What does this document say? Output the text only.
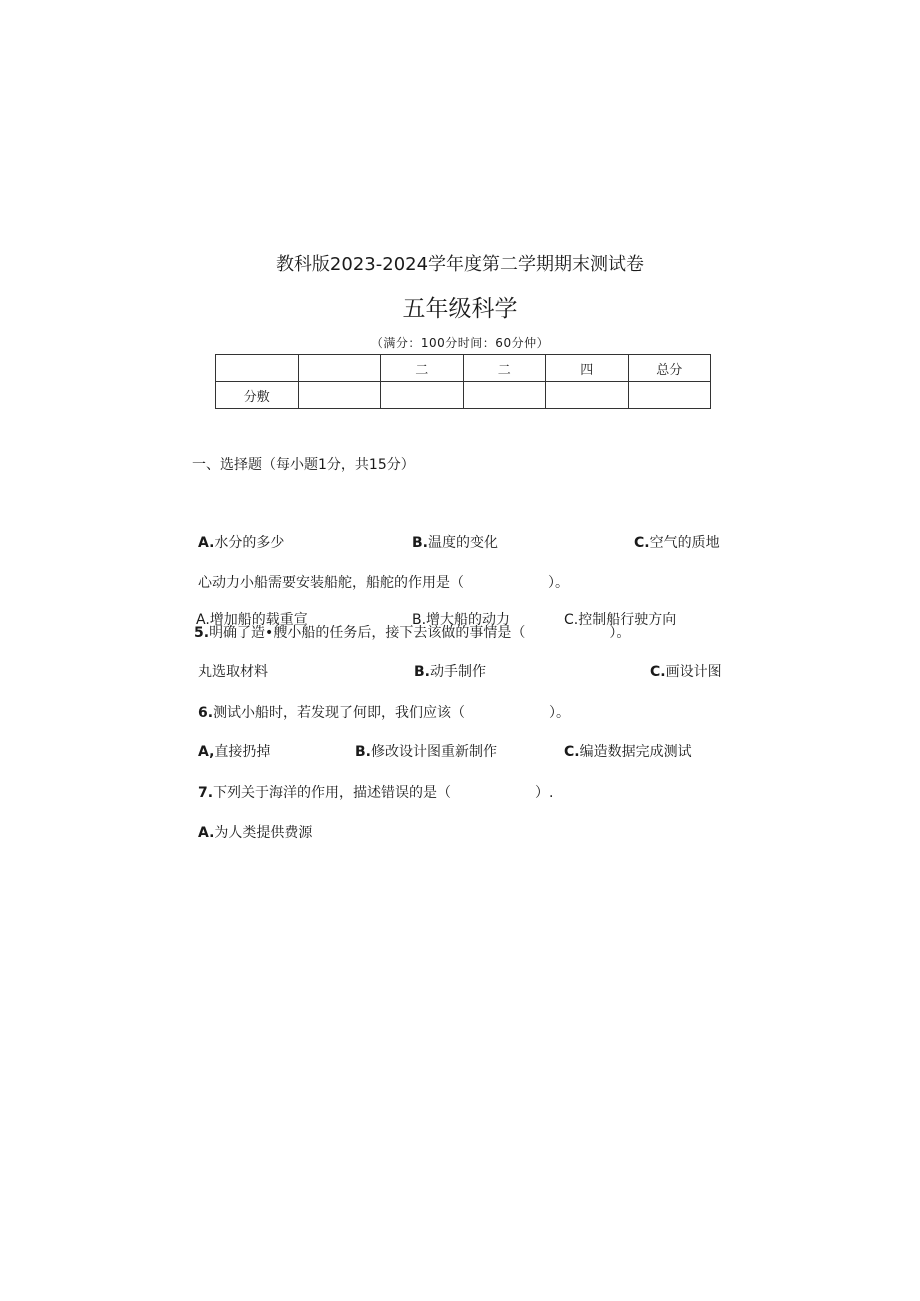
教科版2023-2024学年度第二学期期末测试卷
五年级科学
（满分：100分时间：60分仲）
		二	二	四	总分
分敷					
一、选择题（每小题1分，共15分）
A.水分的多少	B.温度的变化	C.空气的质地
心动力小船需要安装船舵，船舵的作用是（　　　　　　）。
A.增加船的载重宣	B.增大船的动力	C.控制船行驶方向
5.明确了造•艘小船的任务后，接下去该做的事情是（　　　　　　）。
丸选取材料	B.动手制作	C.画设计图
6.测试小船时，若发现了何即，我们应该（　　　　　　）。
A,直接扔掉	B.修改设计图重新制作	C.编造数据完成测试
7.下列关于海洋的作用，描述错误的是（　　　　　　）.
A.为人类提供费源
